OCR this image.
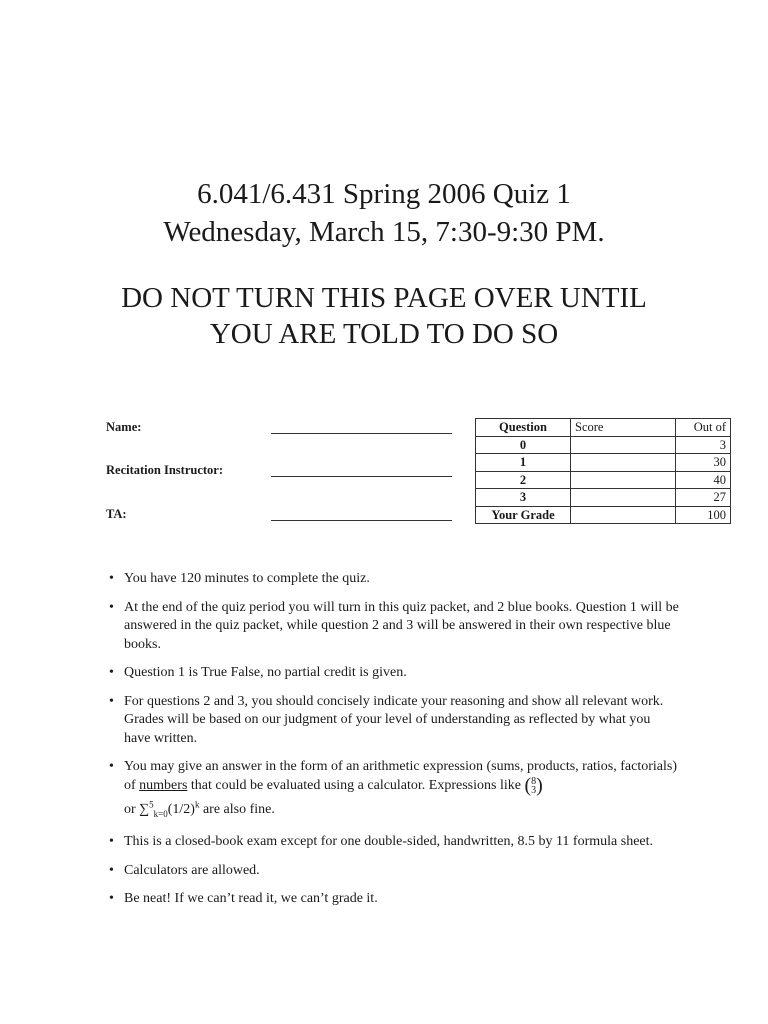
6.041/6.431 Spring 2006 Quiz 1
Wednesday, March 15, 7:30-9:30 PM.
DO NOT TURN THIS PAGE OVER UNTIL
YOU ARE TOLD TO DO SO
Name:
Recitation Instructor:
TA:
Question	Score	Out of
0		3
1		30
2		40
3		27
Your Grade		100
• You have 120 minutes to complete the quiz.
• At the end of the quiz period you will turn in this quiz packet, and 2 blue books. Question 1 will be answered in the quiz packet, while question 2 and 3 will be answered in their own respective blue books.
• Question 1 is True False, no partial credit is given.
• For questions 2 and 3, you should concisely indicate your reasoning and show all relevant work. Grades will be based on our judgment of your level of understanding as reflected by what you have written.
• You may give an answer in the form of an arithmetic expression (sums, products, ratios, factorials) of numbers that could be evaluated using a calculator. Expressions like (8
3)
or $\sum^5_{k=0}(1/2)^k$ are also fine.
• This is a closed-book exam except for one double-sided, handwritten, 8.5 by 11 formula sheet.
• Calculators are allowed.
• Be neat! If we can’t read it, we can’t grade it.
